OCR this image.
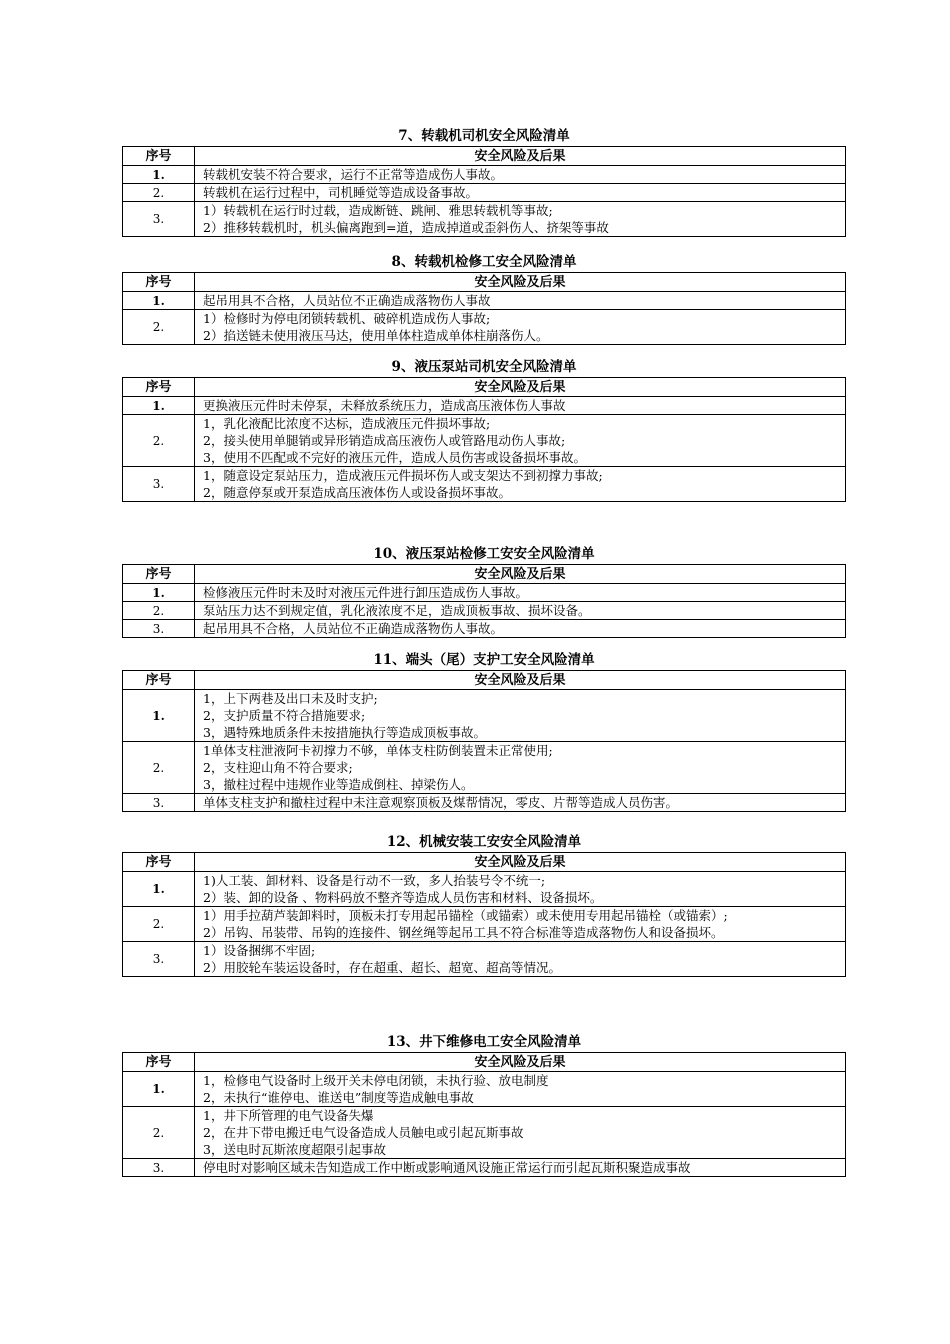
7、转载机司机安全风险清单
序号	安全风险及后果
1.	转载机安装不符合要求，运行不正常等造成伤人事故。

2.	转载机在运行过程中，司机睡觉等造成设备事故。

3.	1）转载机在运行时过载，造成断链、跳闸、雅思转载机等事故;
2）推移转载机时，机头偏离跑到=道，造成掉道或歪斜伤人、挤架等事故
8、转载机检修工安全风险清单
序号	安全风险及后果
1.	起吊用具不合格，人员站位不正确造成落物伤人事故

2.	1）检修时为停电闭锁转载机、破碎机造成伤人事故;
2）掐送链未使用液压马达，使用单体柱造成单体柱崩落伤人。
9、液压泵站司机安全风险清单
序号	安全风险及后果
1.	更换液压元件时未停泵，未释放系统压力，造成高压液体伤人事故

2.	1，乳化液配比浓度不达标，造成液压元件损坏事故;
2，接头使用单腿销或异形销造成高压液伤人或管路甩动伤人事故;
3，使用不匹配或不完好的液压元件，造成人员伤害或设备损坏事故。

3.	1，随意设定泵站压力，造成液压元件损坏伤人或支架达不到初撑力事故;
2，随意停泵或开泵造成高压液体伤人或设备损坏事故。
10、液压泵站检修工安安全风险清单
序号	安全风险及后果
1.	检修液压元件时未及时对液压元件进行卸压造成伤人事故。

2.	泵站压力达不到规定值，乳化液浓度不足，造成顶板事故、损坏设备。

3.	起吊用具不合格，人员站位不正确造成落物伤人事故。
11、端头（尾）支护工安全风险清单
序号	安全风险及后果
1.	1，上下两巷及出口未及时支护;
2，支护质量不符合措施要求;
3，遇特殊地质条件未按措施执行等造成顶板事故。

2.	1单体支柱泄液阿卡初撑力不够，单体支柱防倒装置未正常使用;
2，支柱迎山角不符合要求;
3，撤柱过程中违规作业等造成倒柱、掉梁伤人。

3.	单体支柱支护和撤柱过程中未注意观察顶板及煤帮情况，零皮、片帮等造成人员伤害。
12、机械安装工安安全风险清单
序号	安全风险及后果
1.	1)人工装、卸材料、设备是行动不一致，多人抬装号令不统一;
2）装、卸的设备 、物料码放不整齐等造成人员伤害和材料、设备损坏。

2.	1）用手拉葫芦装卸料时，顶板未打专用起吊锚栓（或锚索）或未使用专用起吊锚栓（或锚索）;
2）吊钩、吊装带、吊钩的连接件、钢丝绳等起吊工具不符合标准等造成落物伤人和设备损坏。

3.	1）设备捆绑不牢固;
2）用胶轮车装运设备时，存在超重、超长、超宽、超高等情况。
13、井下维修电工安全风险清单
序号	安全风险及后果
1.	1，检修电气设备时上级开关未停电闭锁，未执行验、放电制度
2，未执行“谁停电、谁送电”制度等造成触电事故

2.	1，井下所管理的电气设备失爆
2，在井下带电搬迁电气设备造成人员触电或引起瓦斯事故
3，送电时瓦斯浓度超限引起事故

3.	停电时对影响区域未告知造成工作中断或影响通风设施正常运行而引起瓦斯积聚造成事故
